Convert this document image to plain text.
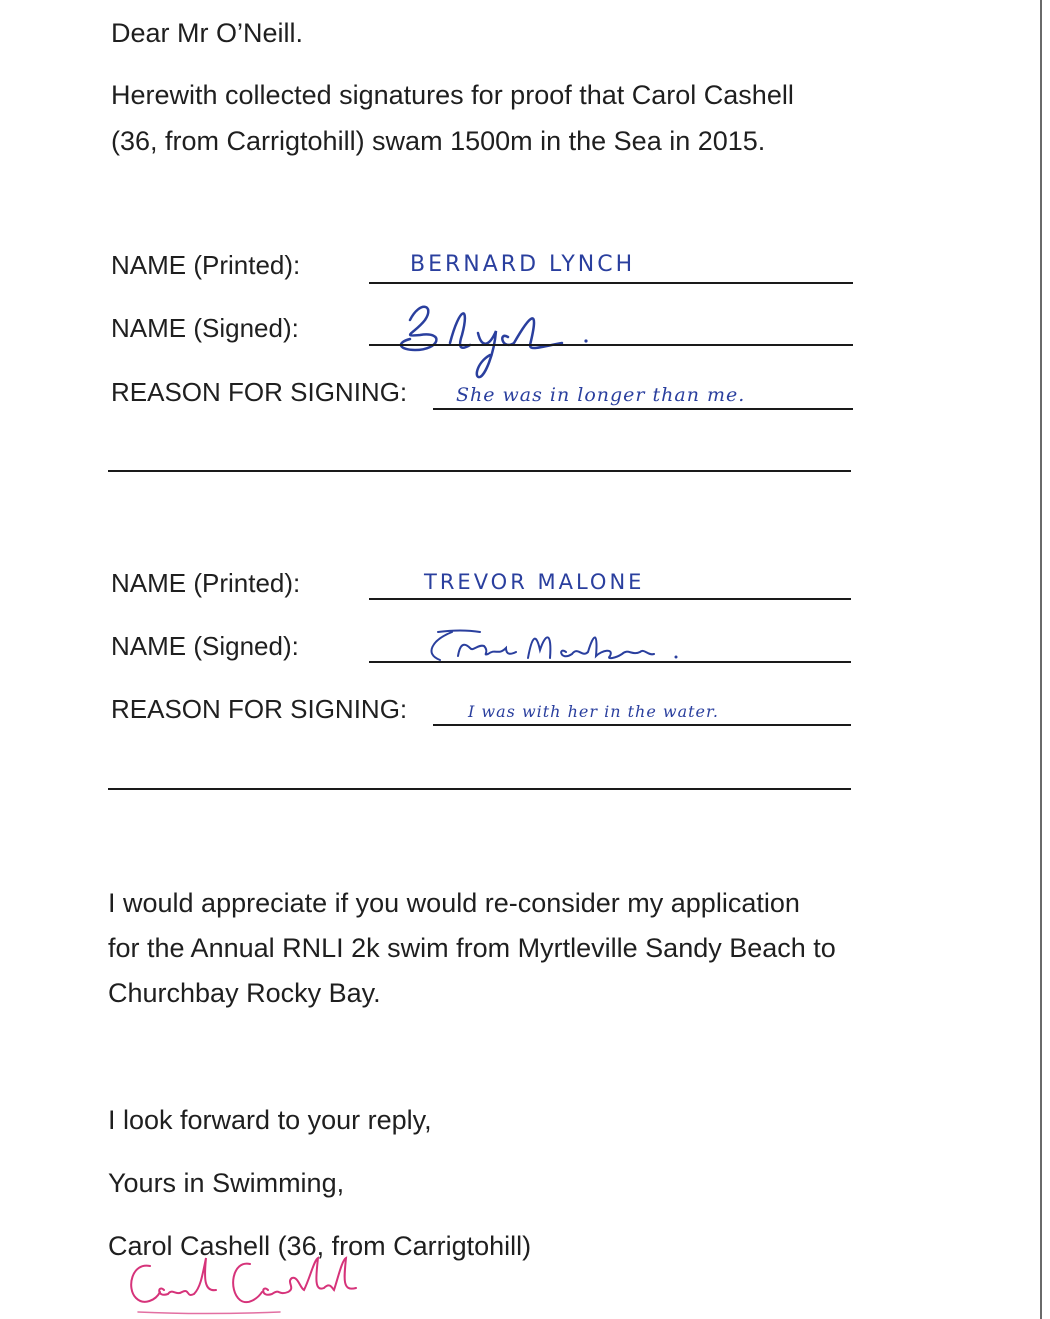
Dear Mr O’Neill.
Herewith collected signatures for proof that Carol Cashell
(36, from Carrigtohill) swam 1500m in the Sea in 2015.
NAME (Printed):	BERNARD LYNCH
NAME (Signed):
REASON FOR SIGNING:	She was in longer than me.
NAME (Printed):	TREVOR MALONE
NAME (Signed):
REASON FOR SIGNING:	I was with her in the water.
I would appreciate if you would re-consider my application
for the Annual RNLI 2k swim from Myrtleville Sandy Beach to
Churchbay Rocky Bay.
I look forward to your reply,
Yours in Swimming,
Carol Cashell (36, from Carrigtohill)
